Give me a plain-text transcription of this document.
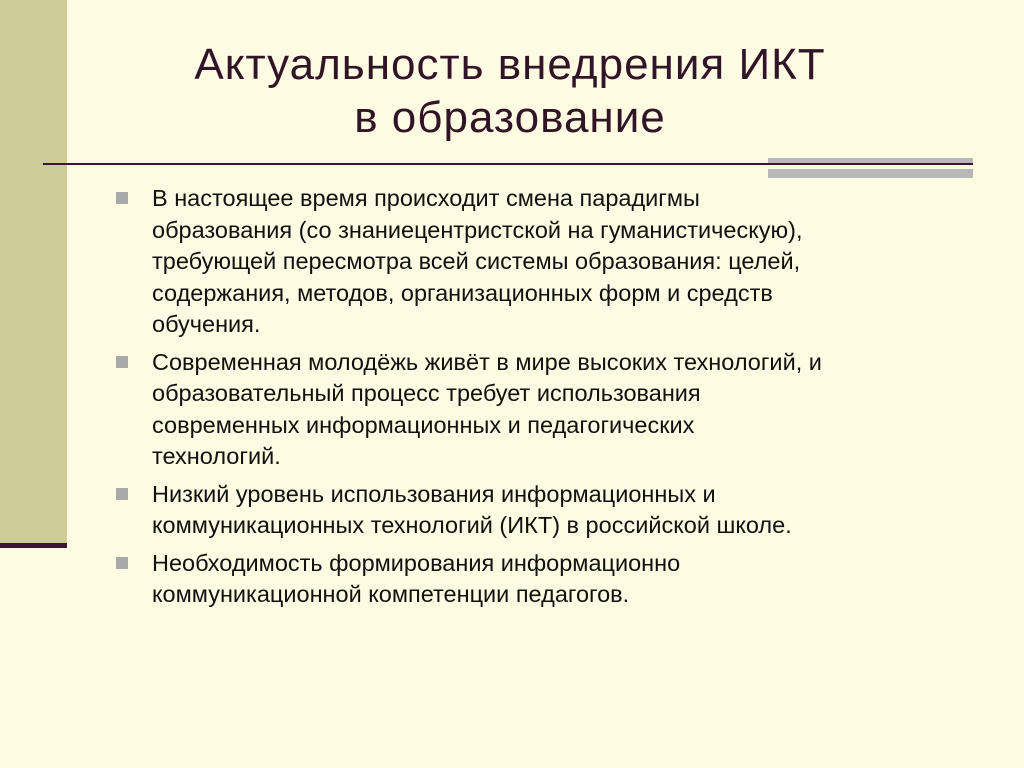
Актуальность внедрения ИКТ
в образование
В настоящее время происходит смена парадигмы
образования (со знаниецентристской на гуманистическую),
требующей пересмотра всей системы образования: целей,
содержания, методов, организационных форм и средств
обучения.
Современная молодёжь живёт в мире высоких технологий, и
образовательный процесс требует использования
современных информационных и педагогических
технологий.
Низкий уровень использования информационных и
коммуникационных технологий (ИКТ) в российской школе.
Необходимость формирования информационно
коммуникационной компетенции педагогов.
